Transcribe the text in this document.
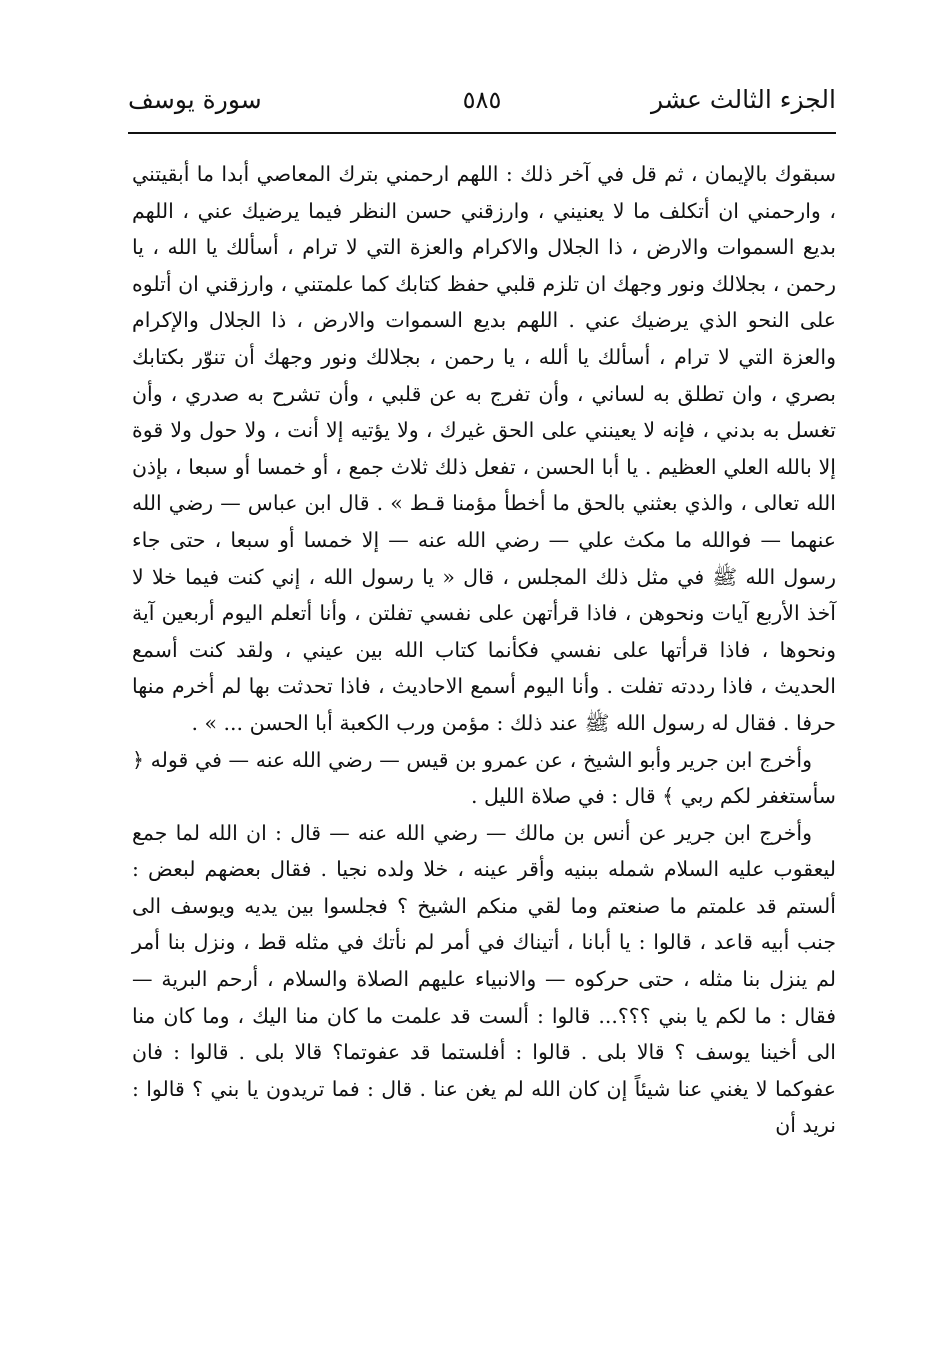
الجزء الثالث عشر
٥٨٥
سورة يوسف

سبقوك بالإيمان ، ثم قل في آخر ذلك : اللهم ارحمني بترك المعاصي أبدا ما أبقيتني ، وارحمني ان أتكلف ما لا يعنيني ، وارزقني حسن النظر فيما يرضيك عني ، اللهم بديع السموات والارض ، ذا الجلال والاكرام والعزة التي لا ترام ، أسألك يا الله ، يا رحمن ، بجلالك ونور وجهك ان تلزم قلبي حفظ كتابك كما علمتني ، وارزقني ان أتلوه على النحو الذي يرضيك عني . اللهم بديع السموات والارض ، ذا الجلال والإكرام والعزة التي لا ترام ، أسألك يا ألله ، يا رحمن ، بجلالك ونور وجهك أن تنوّر بكتابك بصري ، وان تطلق به لساني ، وأن تفرج به عن قلبي ، وأن تشرح به صدري ، وأن تغسل به بدني ، فإنه لا يعينني على الحق غيرك ، ولا يؤتيه إلا أنت ، ولا حول ولا قوة إلا بالله العلي العظيم . يا أبا الحسن ، تفعل ذلك ثلاث جمع ، أو خمسا أو سبعا ، بإذن الله تعالى ، والذي بعثني بالحق ما أخطأ مؤمنا قـط » . قال ابن عباس — رضي الله عنهما — فوالله ما مكث علي — رضي الله عنه — إلا خمسا أو سبعا ، حتى جاء رسول الله ﷺ في مثل ذلك المجلس ، قال « يا رسول الله ، إني كنت فيما خلا لا آخذ الأربع آيات ونحوهن ، فاذا قرأتهن على نفسي تفلتن ، وأنا أتعلم اليوم أربعين آية ونحوها ، فاذا قرأتها على نفسي فكأنما كتاب الله بين عيني ، ولقد كنت أسمع الحديث ، فاذا رددته تفلت . وأنا اليوم أسمع الاحاديث ، فاذا تحدثت بها لم أخرم منها حرفا . فقال له رسول الله ﷺ عند ذلك : مؤمن ورب الكعبة أبا الحسن ... » .

وأخرج ابن جرير وأبو الشيخ ، عن عمرو بن قيس — رضي الله عنه — في قوله ﴿ سأستغفر لكم ربي ﴾ قال : في صلاة الليل .

وأخرج ابن جرير عن أنس بن مالك — رضي الله عنه — قال : ان الله لما جمع ليعقوب عليه السلام شمله ببنيه وأقر عينه ، خلا ولده نجيا . فقال بعضهم لبعض : ألستم قد علمتم ما صنعتم وما لقي منكم الشيخ ؟ فجلسوا بين يديه ويوسف الى جنب أبيه قاعد ، قالوا : يا أبانا ، أتيناك في أمر لم نأتك في مثله قط ، ونزل بنا أمر لم ينزل بنا مثله ، حتى حركوه — والانبياء عليهم الصلاة والسلام ، أرحم البرية — فقال : ما لكم يا بني ؟؟؟... قالوا : ألست قد علمت ما كان منا اليك ، وما كان منا الى أخينا يوسف ؟ قالا بلى . قالوا : أفلستما قد عفوتما؟ قالا بلى . قالوا : فان عفوكما لا يغني عنا شيئاً إن كان الله لم يغن عنا . قال : فما تريدون يا بني ؟ قالوا : نريد أن
